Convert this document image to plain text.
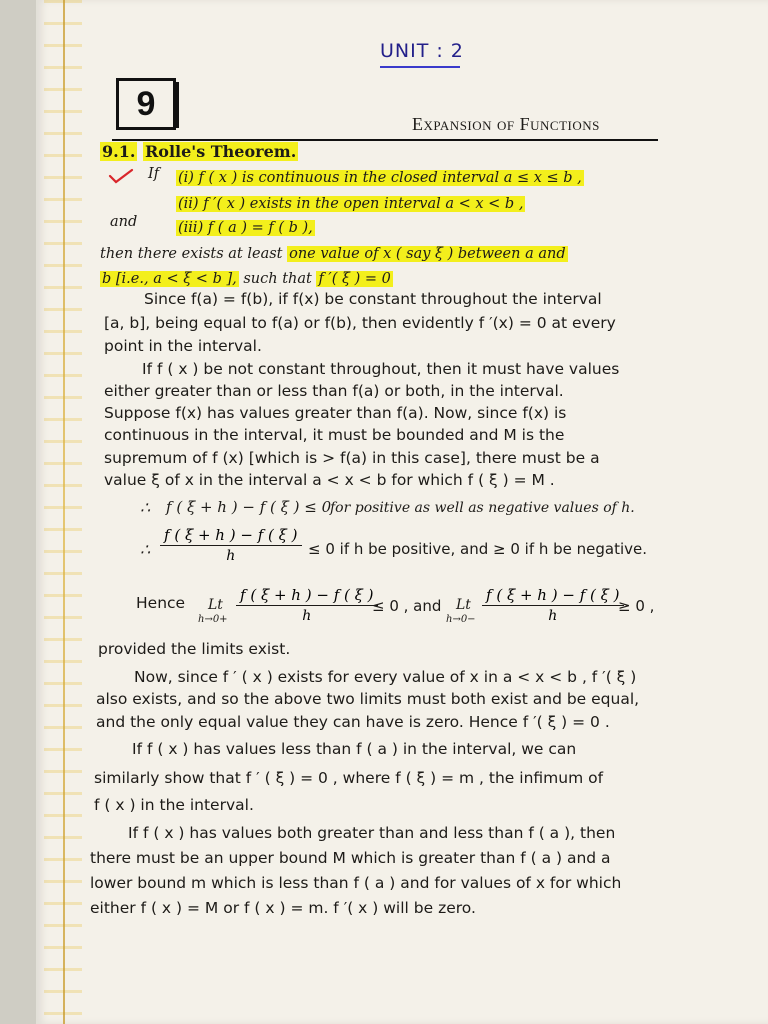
UNIT : 2
9
Expansion of Functions
9.1. Rolle's Theorem.
If (i) f ( x ) is continuous in the closed interval a ≤ x ≤ b ,
(ii) f ′( x ) exists in the open interval a < x < b ,
and	(iii) f ( a ) = f ( b ),
then there exists at least one value of x ( say ξ ) between a and
b [i.e., a < ξ < b ], such that f ′( ξ ) = 0
Since f(a) = f(b), if f(x) be constant throughout the interval
[a, b], being equal to f(a) or f(b), then evidently f ′(x) = 0 at every
point in the interval.
If f ( x ) be not constant throughout, then it must have values
either greater than or less than f(a) or both, in the interval.
Suppose f(x) has values greater than f(a). Now, since f(x) is
continuous in the interval, it must be bounded and M is the
supremum of f (x) [which is > f(a) in this case], there must be a
value ξ of x in the interval a < x < b for which f ( ξ ) = M .
∴ f ( ξ + h ) − f ( ξ ) ≤ 0
for positive as well as negative values of h.
∴ $\frac{f ( \xi + h ) - f ( \xi )}{h} \le 0$ if h be positive, and ≥ 0 if h be negative.
Hence Lt
$h\to 0+ \frac{f ( \xi + h ) - f ( \xi )}{h}$
≤ 0 , and Lt
$h\to 0- \frac{f ( \xi + h ) - f ( \xi )}{h}$
≥ 0 ,
provided the limits exist.
Now, since f ′ ( x ) exists for every value of x in a < x < b , f ′( ξ )
also exists, and so the above two limits must both exist and be equal,
and the only equal value they can have is zero. Hence f ′( ξ ) = 0 .
If f ( x ) has values less than f ( a ) in the interval, we can
similarly show that f ′ ( ξ ) = 0 , where f ( ξ ) = m , the infimum of
f ( x ) in the interval.
If f ( x ) has values both greater than and less than f ( a ), then
there must be an upper bound M which is greater than f ( a ) and a
lower bound m which is less than f ( a ) and for values of x for which
either f ( x ) = M or f ( x ) = m. f ′( x ) will be zero.
